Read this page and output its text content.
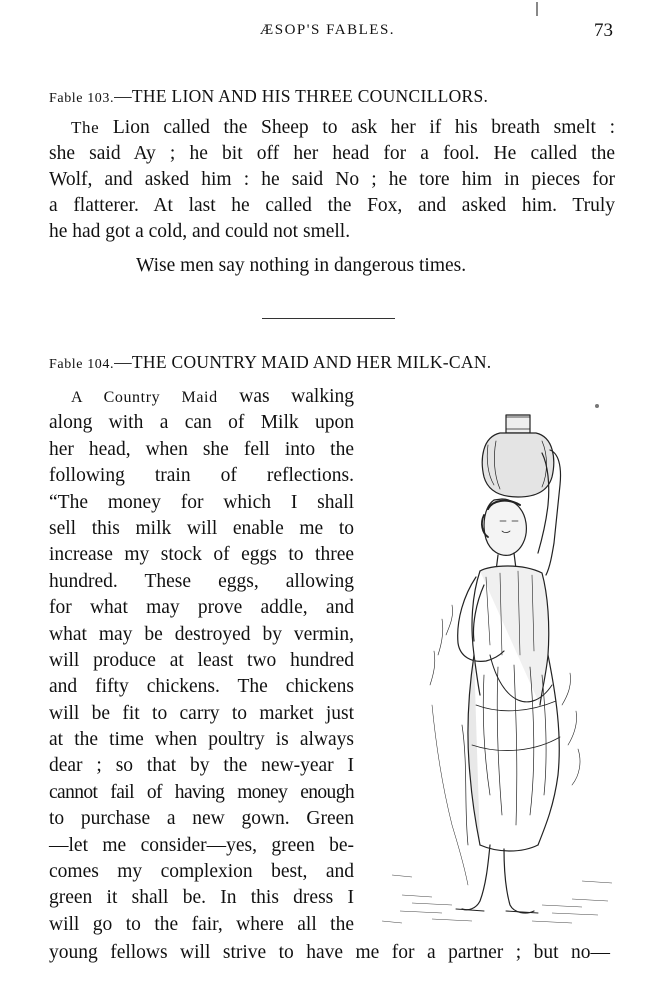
ÆSOP'S FABLES.	73
Fable 103.—THE LION AND HIS THREE COUNCILLORS.
The Lion called the Sheep to ask her if his breath smelt :
she said Ay ; he bit off her head for a fool. He called the
Wolf, and asked him : he said No ; he tore him in pieces for
a flatterer. At last he called the Fox, and asked him. Truly
he had got a cold, and could not smell.
Wise men say nothing in dangerous times.
Fable 104.—THE COUNTRY MAID AND HER MILK-CAN.
A Country Maid was walking
along with a can of Milk upon
her head, when she fell into the
following train of reflections.
“The money for which I shall
sell this milk will enable me to
increase my stock of eggs to three
hundred. These eggs, allowing
for what may prove addle, and
what may be destroyed by vermin,
will produce at least two hundred
and fifty chickens. The chickens
will be fit to carry to market just
at the time when poultry is always
dear ; so that by the new-year I
cannot fail of having money enough
to purchase a new gown. Green
—let me consider—yes, green be-
comes my complexion best, and
green it shall be. In this dress I
will go to the fair, where all the
young fellows will strive to have me for a partner ; but no—
